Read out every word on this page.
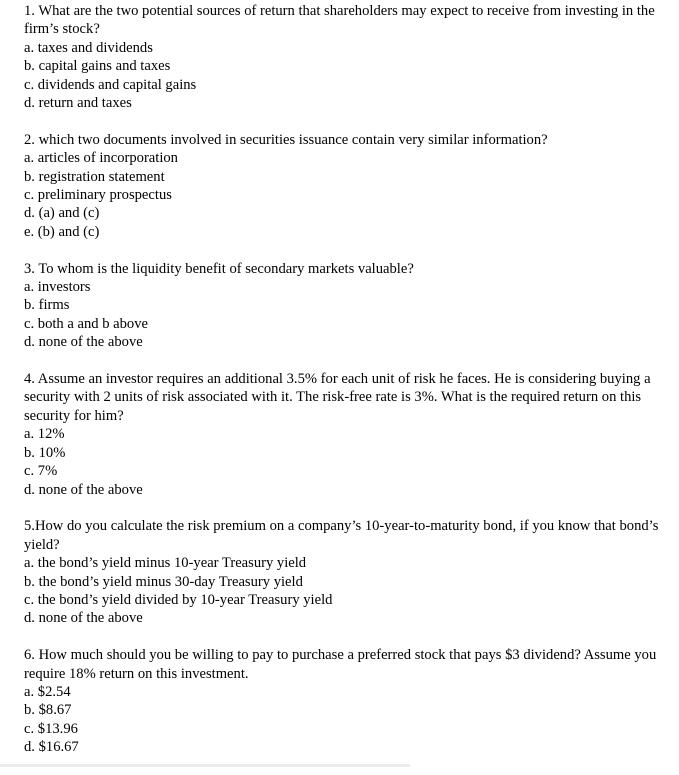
1. What are the two potential sources of return that shareholders may expect to receive from investing in the firm’s stock?

a. taxes and dividends

b. capital gains and taxes

c. dividends and capital gains

d. return and taxes

2. which two documents involved in securities issuance contain very similar information?

a. articles of incorporation

b. registration statement

c. preliminary prospectus

d. (a) and (c)

e. (b) and (c)

3. To whom is the liquidity benefit of secondary markets valuable?

a. investors

b. firms

c. both a and b above

d. none of the above

4. Assume an investor requires an additional 3.5% for each unit of risk he faces. He is considering buying a security with 2 units of risk associated with it. The risk-free rate is 3%. What is the required return on this security for him?

a. 12%

b. 10%

c. 7%

d. none of the above

5.How do you calculate the risk premium on a company’s 10-year-to-maturity bond, if you know that bond’s yield?

a. the bond’s yield minus 10-year Treasury yield

b. the bond’s yield minus 30-day Treasury yield

c. the bond’s yield divided by 10-year Treasury yield

d. none of the above

6. How much should you be willing to pay to purchase a preferred stock that pays $3 dividend? Assume you require 18% return on this investment.

a. $2.54

b. $8.67

c. $13.96

d. $16.67
